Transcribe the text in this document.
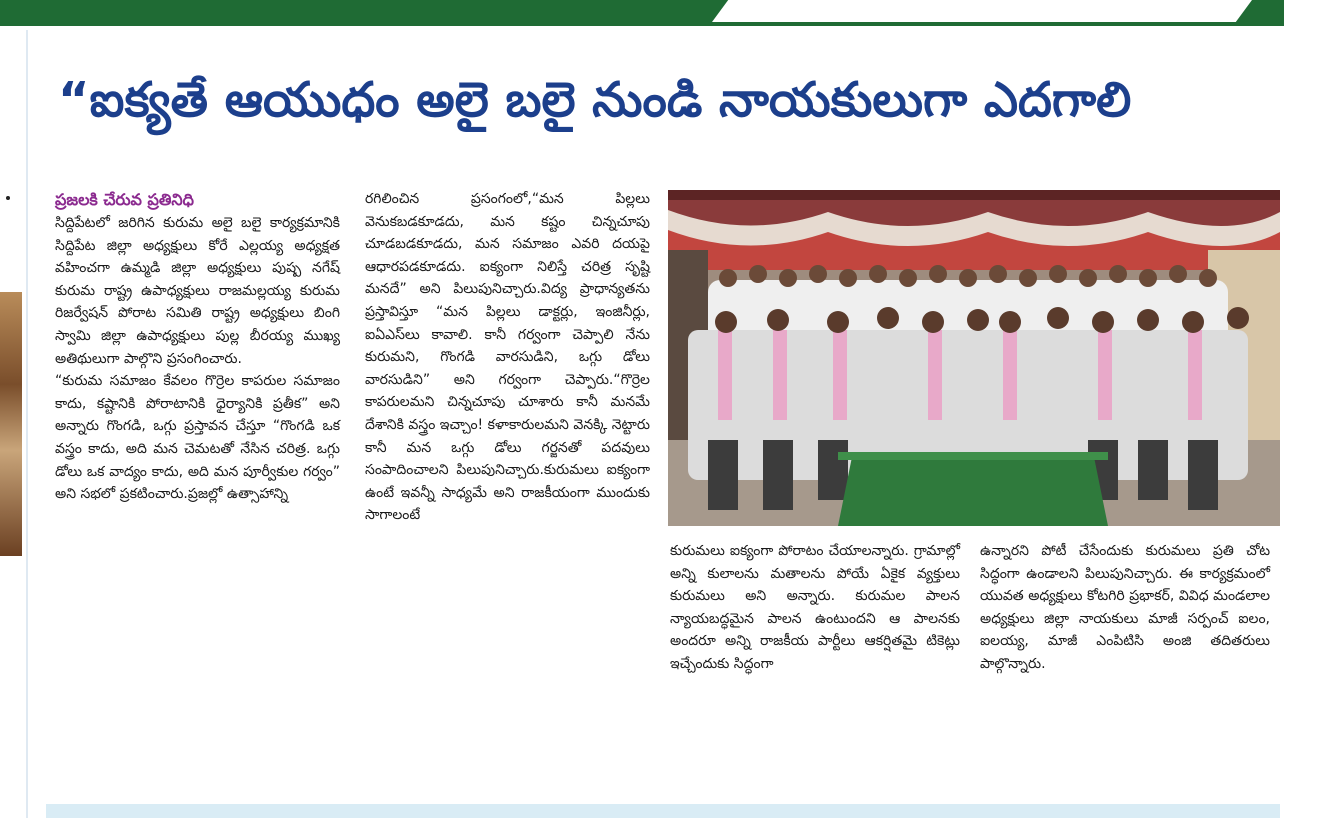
“ఐక్యతే ఆయుధం అలై బలై నుండి నాయకులుగా ఎదగాలి
ప్రజలకి చేరువ ప్రతినిధి

సిద్దిపేటలో జరిగిన కురుమ అలై బలై కార్యక్రమానికి సిద్దిపేట జిల్లా అధ్యక్షులు కోరే ఎల్లయ్య అధ్యక్షత వహించగా ఉమ్మడి జిల్లా అధ్యక్షులు పుష్ప నగేష్ కురుమ రాష్ట్ర ఉపాధ్యక్షులు రాజమల్లయ్య కురుమ రిజర్వేషన్ పోరాట సమితి రాష్ట్ర అధ్యక్షులు బింగి స్వామి జిల్లా ఉపాధ్యక్షులు పుల్ల బీరయ్య ముఖ్య అతిథులుగా పాల్గొని ప్రసంగించారు.

“కురుమ సమాజం కేవలం గొర్రెల కాపరుల సమాజం కాదు, కష్టానికి పోరాటానికి ధైర్యానికి ప్రతీక” అని అన్నారు గొంగడి, ఒగ్గు ప్రస్తావన చేస్తూ “గొంగడి ఒక వస్త్రం కాదు, అది మన చెమటతో నేసిన చరిత్ర. ఒగ్గు డోలు ఒక వాద్యం కాదు, అది మన పూర్వీకుల గర్వం” అని సభలో ప్రకటించారు.ప్రజల్లో ఉత్సాహాన్ని

రగిలించిన ప్రసంగంలో,“మన పిల్లలు వెనుకబడకూడదు, మన కష్టం చిన్నచూపు చూడబడకూడదు, మన సమాజం ఎవరి దయపై ఆధారపడకూడదు. ఐక్యంగా నిలిస్తే చరిత్ర సృష్టి మనదే” అని పిలుపునిచ్చారు.విద్య ప్రాధాన్యతను ప్రస్తావిస్తూ “మన పిల్లలు డాక్టర్లు, ఇంజినీర్లు, ఐఏఎస్‌లు కావాలి. కానీ గర్వంగా చెప్పాలి నేను కురుమని, గొంగడి వారసుడిని, ఒగ్గు డోలు వారసుడిని” అని గర్వంగా చెప్పారు.“గొర్రెల కాపరులమని చిన్నచూపు చూశారు కానీ మనమే దేశానికి వస్త్రం ఇచ్చాం! కళాకారులమని వెనక్కి నెట్టారు కానీ మన ఒగ్గు డోలు గర్జనతో పదవులు సంపాదించాలని పిలుపునిచ్చారు.కురుమలు ఐక్యంగా ఉంటే ఇవన్నీ సాధ్యమే అని రాజకీయంగా ముందుకు సాగాలంటే

కురుమలు ఐక్యంగా పోరాటం చేయాలన్నారు. గ్రామాల్లో అన్ని కులాలను మతాలను పోయే ఏకైక వ్యక్తులు కురుమలు అని అన్నారు. కురుమల పాలన న్యాయబద్ధమైన పాలన ఉంటుందని ఆ పాలనకు అందరూ అన్ని రాజకీయ పార్టీలు ఆకర్షితమై టికెట్లు ఇచ్చేందుకు సిద్ధంగా

ఉన్నారని పోటీ చేసేందుకు కురుమలు ప్రతి చోట సిద్ధంగా ఉండాలని పిలుపునిచ్చారు. ఈ కార్యక్రమంలో యువత అధ్యక్షులు కోటగిరి ప్రభాకర్, వివిధ మండలాల అధ్యక్షులు జిల్లా నాయకులు మాజీ సర్పంచ్ ఐలం, ఐలయ్య, మాజీ ఎంపిటిసి అంజి తదితరులు పాల్గొన్నారు.
